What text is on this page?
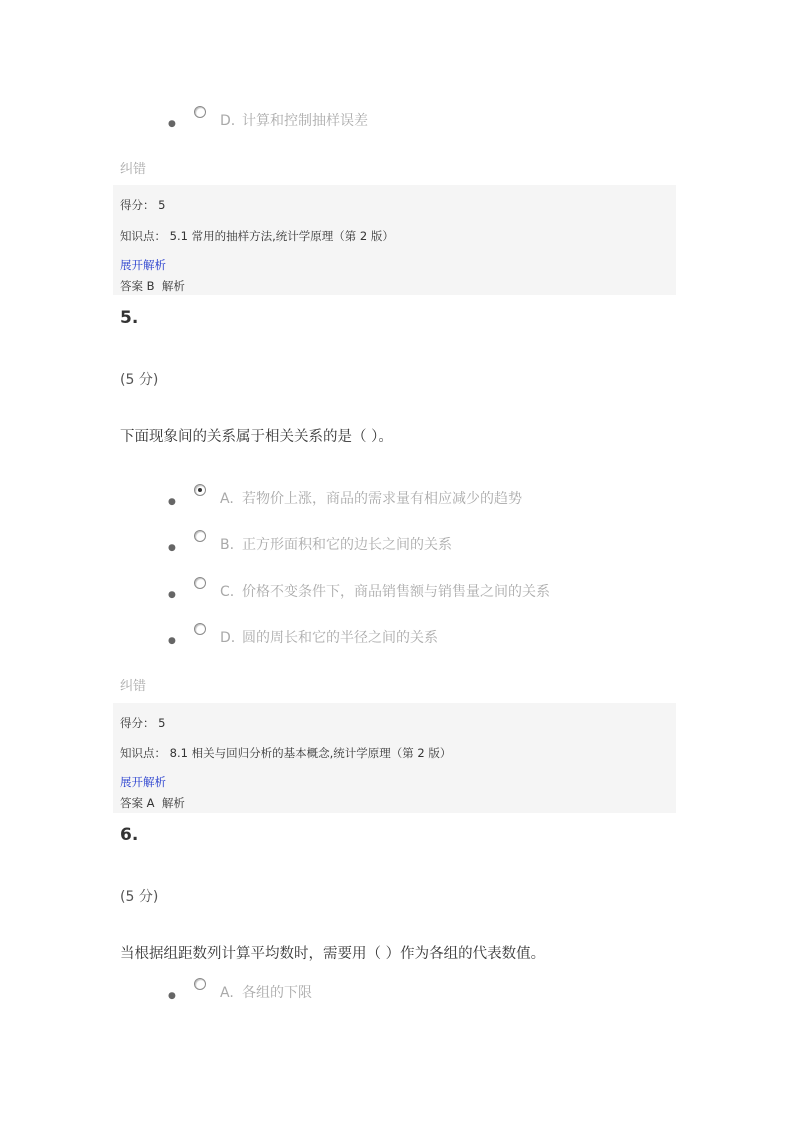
●	D. 计算和控制抽样误差
纠错
得分： 5
知识点： 5.1 常用的抽样方法,统计学原理（第 2 版）
展开解析
答案 B 解析
5.
(5 分)
下面现象间的关系属于相关关系的是（ ）。
●	A. 若物价上涨，商品的需求量有相应减少的趋势
●	B. 正方形面积和它的边长之间的关系
●	C. 价格不变条件下，商品销售额与销售量之间的关系
●	D. 圆的周长和它的半径之间的关系
纠错
得分： 5
知识点： 8.1 相关与回归分析的基本概念,统计学原理（第 2 版）
展开解析
答案 A 解析
6.
(5 分)
当根据组距数列计算平均数时，需要用（ ）作为各组的代表数值。
●	A. 各组的下限
